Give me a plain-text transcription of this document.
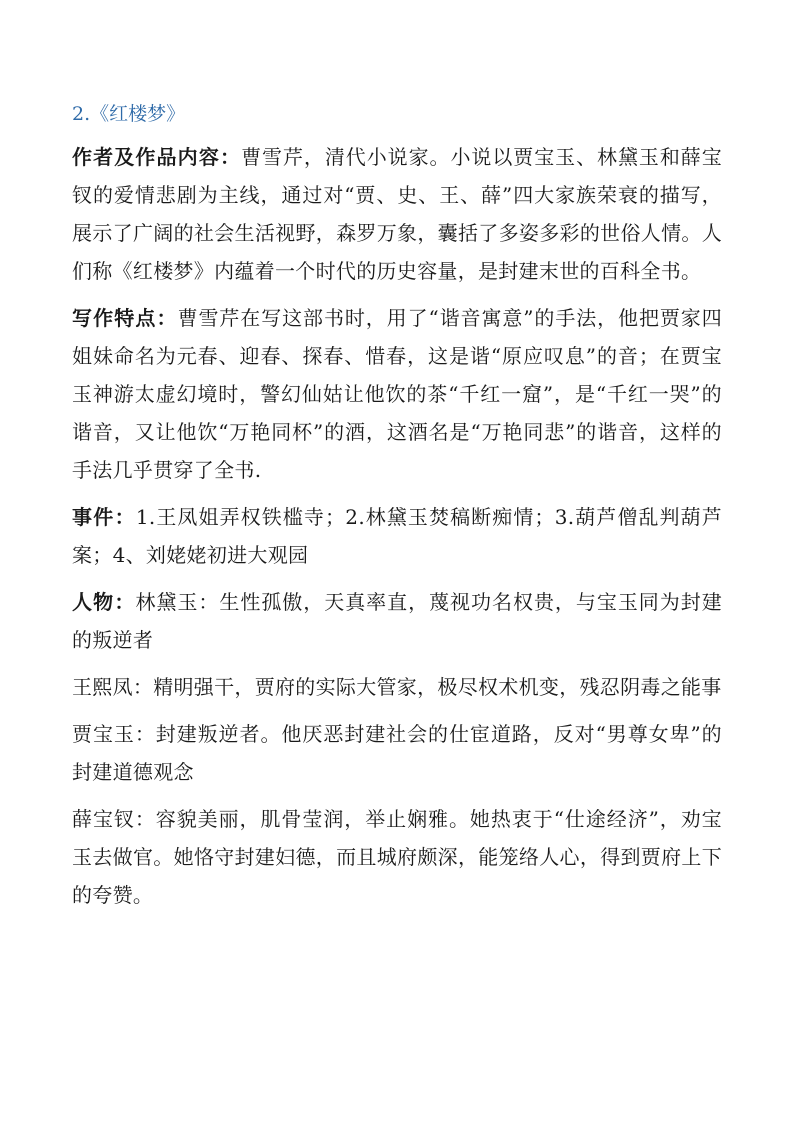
2.《红楼梦》

作者及作品内容：曹雪芹，清代小说家。小说以贾宝玉、林黛玉和薛宝钗的爱情悲剧为主线，通过对“贾、史、王、薛”四大家族荣衰的描写，展示了广阔的社会生活视野，森罗万象，囊括了多姿多彩的世俗人情。人们称《红楼梦》内蕴着一个时代的历史容量，是封建末世的百科全书。

写作特点：曹雪芹在写这部书时，用了“谐音寓意”的手法，他把贾家四姐妹命名为元春、迎春、探春、惜春，这是谐“原应叹息”的音；在贾宝玉神游太虚幻境时，警幻仙姑让他饮的茶“千红一窟”，是“千红一哭”的谐音，又让他饮“万艳同杯”的酒，这酒名是“万艳同悲”的谐音，这样的手法几乎贯穿了全书.

事件：1.王凤姐弄权铁槛寺；2.林黛玉焚稿断痴情；3.葫芦僧乱判葫芦案；4、刘姥姥初进大观园

人物：林黛玉：生性孤傲，天真率直，蔑视功名权贵，与宝玉同为封建的叛逆者

王熙凤：精明强干，贾府的实际大管家，极尽权术机变，残忍阴毒之能事

贾宝玉：封建叛逆者。他厌恶封建社会的仕宦道路，反对“男尊女卑”的封建道德观念

薛宝钗：容貌美丽，肌骨莹润，举止娴雅。她热衷于“仕途经济”，劝宝玉去做官。她恪守封建妇德，而且城府颇深，能笼络人心，得到贾府上下的夸赞。
